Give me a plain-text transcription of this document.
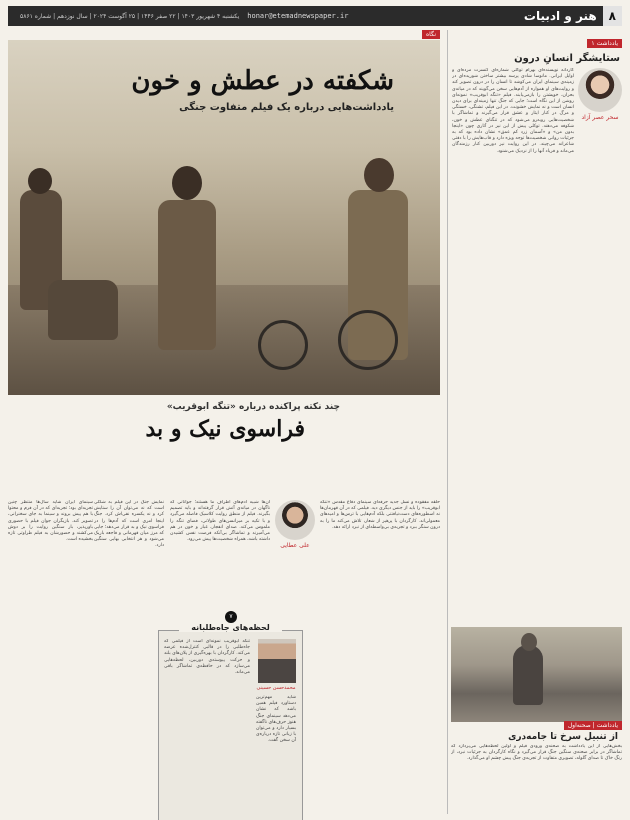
۸
هنر و ادبیات
honar@etemadnewspaper.ir
یکشنبه ۴ شهریور ۱۴۰۳ | ۲۲ صفر ۱۴۴۶ | ۲۵ آگوست ۲۰۲۴ | سال نوزدهم | شماره ۵۸۶۱
یادداشت ۱
ستایشگر انسانِ درون
سحر عصر آزاد
کاردانه نویسنده‌ای بهرام توکلی شماره‌ای کنسرت مرده‌ای و اوایل ایرانی. مانوسا شادی پرسه بیشتر ساختن شوریده‌ای در زمینه‌ی سینمای ایران می‌کوشد تا انسان را در درون تصویر کند و روایت‌های او همواره از آدم‌هایی سخن می‌گویند که در میانه‌ی بحران، خویشتن را بازمی‌یابند. فیلم «تنگه ابوقریب» نمونه‌ای روشن از این نگاه است؛ جایی که جنگ تنها زمینه‌ای برای دیدن انسان است و نه نمایش خشونت. در این فیلم، تشنگی، خستگی و مرگ در کنار ایثار و عشق قرار می‌گیرند و تماشاگر با شخصیت‌هایی روبه‌رو می‌شود که در تنگنای عطش و خون، شکوفه می‌دهند. توکلی پیش از این نیز در آثاری چون «اینجا بدون من» و «آسمان زرد کم عمق» نشان داده بود که به جزئیات روانی شخصیت‌ها توجه ویژه دارد و قاب‌هایش را با دقتی شاعرانه می‌چیند. در این روایت نیز دوربین کنار رزمندگان می‌ماند و فریاد آنها را از نزدیک می‌شنود.
یادداشت | صحنه‌اول
از تنبیل سرخ تا جامه‌دری
بخش‌هایی از این یادداشت به صحنه‌ی ورودی فیلم و اولین لحظه‌هایی می‌پردازد که تماشاگر در برابر صحنه‌ی سنگین جنگ قرار می‌گیرد و نگاه کارگردان به جزئیات نبرد، از رنگ خاک تا صدای گلوله، تصویری متفاوت از تجربه‌ی جنگ پیش چشم او می‌گذارد.
نگاه
شکفته در عطش و خون
یادداشت‌هایی درباره یک فیلم متفاوت جنگی
چند نکته پراکنده درباره «تنگه ابوقریب»
فراسوی نیک و بد
حلقه مفقوده و نسل جدید حرفه‌ای سینمای دفاع مقدس «تنگه ابوقریب» را باید از جنس دیگری دید. فیلمی که در آن قهرمان‌ها نه اسطوره‌های دست‌نیافتنی بلکه آدم‌هایی با ترس‌ها و امیدهای معمولی‌اند. کارگردان با پرهیز از شعار، تلاش می‌کند ما را به درون سنگر ببرد و تجربه‌ی بی‌واسطه‌ای از نبرد ارائه دهد.
علی عطایی
آن‌ها شبیه آدم‌های اطراف ما هستند؛ جوانانی که ناگهان در میانه‌ی آتش قرار گرفته‌اند و باید تصمیم بگیرند. فیلم از منطق روایت کلاسیک فاصله می‌گیرد و با تکیه بر میزانسن‌های طولانی، فضای تنگه را ملموس می‌کند. صدای انفجار، غبار و خون در هم می‌آمیزند و تماشاگر بی‌آنکه فرصت نفس کشیدن داشته باشد، همراه شخصیت‌ها پیش می‌رود.
نمایش جنگ در این فیلم به شکلی است که نه می‌توان آن را ستایش کرد و نه یکسره نفی‌اش کرد. جنگ اینجا امری است که آدم‌ها را در فراسوی نیک و بد قرار می‌دهد؛ جایی که مرز میان قهرمانی و فاجعه باریک می‌شود و هر انتخابی بهایی سنگین دارد.
سینمای ایران شاید سال‌ها منتظر چنین تجربه‌ای بود؛ تجربه‌ای که در آن فرم و محتوا با هم پیش بروند و سینما به جای سخنرانی، تصویر کند. بازیگران جوان فیلم با حضوری باورپذیر، بار سنگین روایت را بر دوش می‌کشند و حضورشان به فیلم طراوتی تازه بخشیده است.
۷
لحظه‌های جاه‌طلبانه
محمدحسن حسینی
تنگه ابوقریب نمونه‌ای است از فیلمی که جاه‌طلبی را در قالبی کنترل‌شده عرضه می‌کند. کارگردان با بهره‌گیری از پلان‌های بلند و حرکت پیوسته‌ی دوربین، لحظه‌هایی می‌سازد که در حافظه‌ی تماشاگر باقی می‌ماند.
شاید مهم‌ترین دستاورد فیلم همین باشد که نشان می‌دهد سینمای جنگ هنوز حرف‌های ناگفته بسیار دارد و می‌توان با زبانی تازه درباره‌ی آن سخن گفت.
